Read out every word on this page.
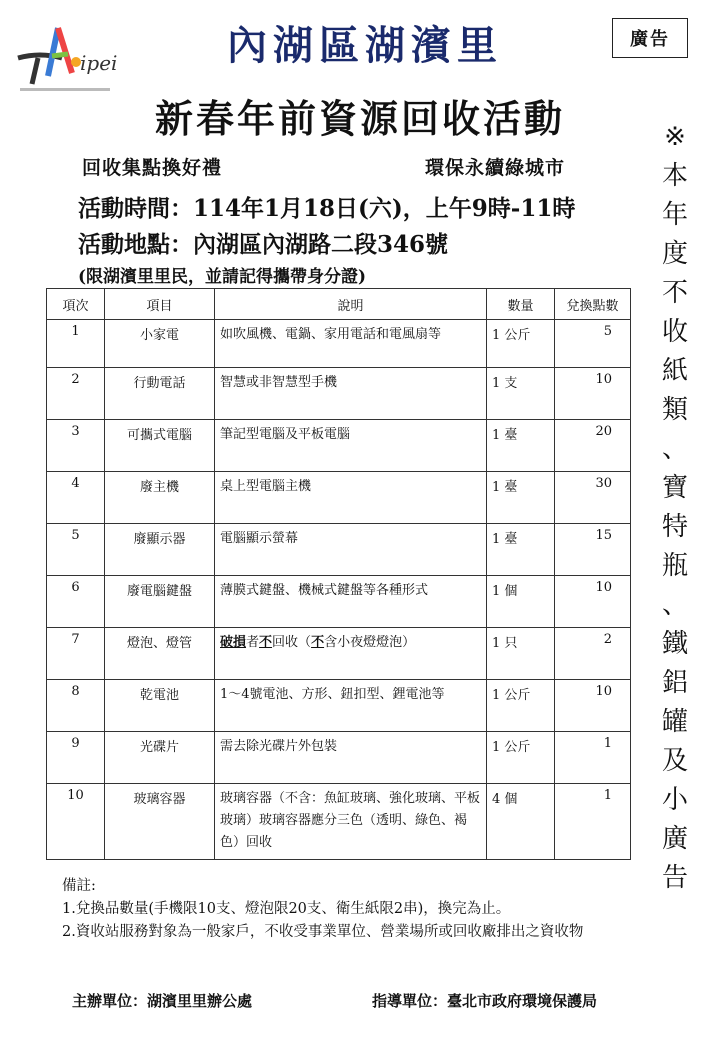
ipei
廣告
內湖區湖濱里
新春年前資源回收活動
回收集點換好禮	環保永續綠城市
活動時間：114年1月18日(六)，上午9時-11時
活動地點：內湖區內湖路二段346號
(限湖濱里里民，並請記得攜帶身分證)
※
本
年
度
不
收
紙
類
、
寶
特
瓶
、
鐵
鋁
罐
及
小
廣
告
項次	項目	說明	數量	兌換點數
1	小家電	如吹風機、電鍋、家用電話和電風扇等	1 公斤	5
2	行動電話	智慧或非智慧型手機	1 支	10
3	可攜式電腦	筆記型電腦及平板電腦	1 臺	20
4	廢主機	桌上型電腦主機	1 臺	30
5	廢顯示器	電腦顯示螢幕	1 臺	15
6	廢電腦鍵盤	薄膜式鍵盤、機械式鍵盤等各種形式	1 個	10
7	燈泡、燈管	破損者不回收（不含小夜燈燈泡）	1 只	2
8	乾電池	1～4號電池、方形、鈕扣型、鋰電池等	1 公斤	10
9	光碟片	需去除光碟片外包裝	1 公斤	1
10	玻璃容器	玻璃容器（不含：魚缸玻璃、強化玻璃、平板玻璃）玻璃容器應分三色（透明、綠色、褐色）回收	4 個	1
備註:
1.兌換品數量(手機限10支、燈泡限20支、衛生紙限2串)，換完為止。
2.資收站服務對象為一般家戶，不收受事業單位、營業場所或回收廠排出之資收物
主辦單位：湖濱里里辦公處	指導單位：臺北市政府環境保護局
